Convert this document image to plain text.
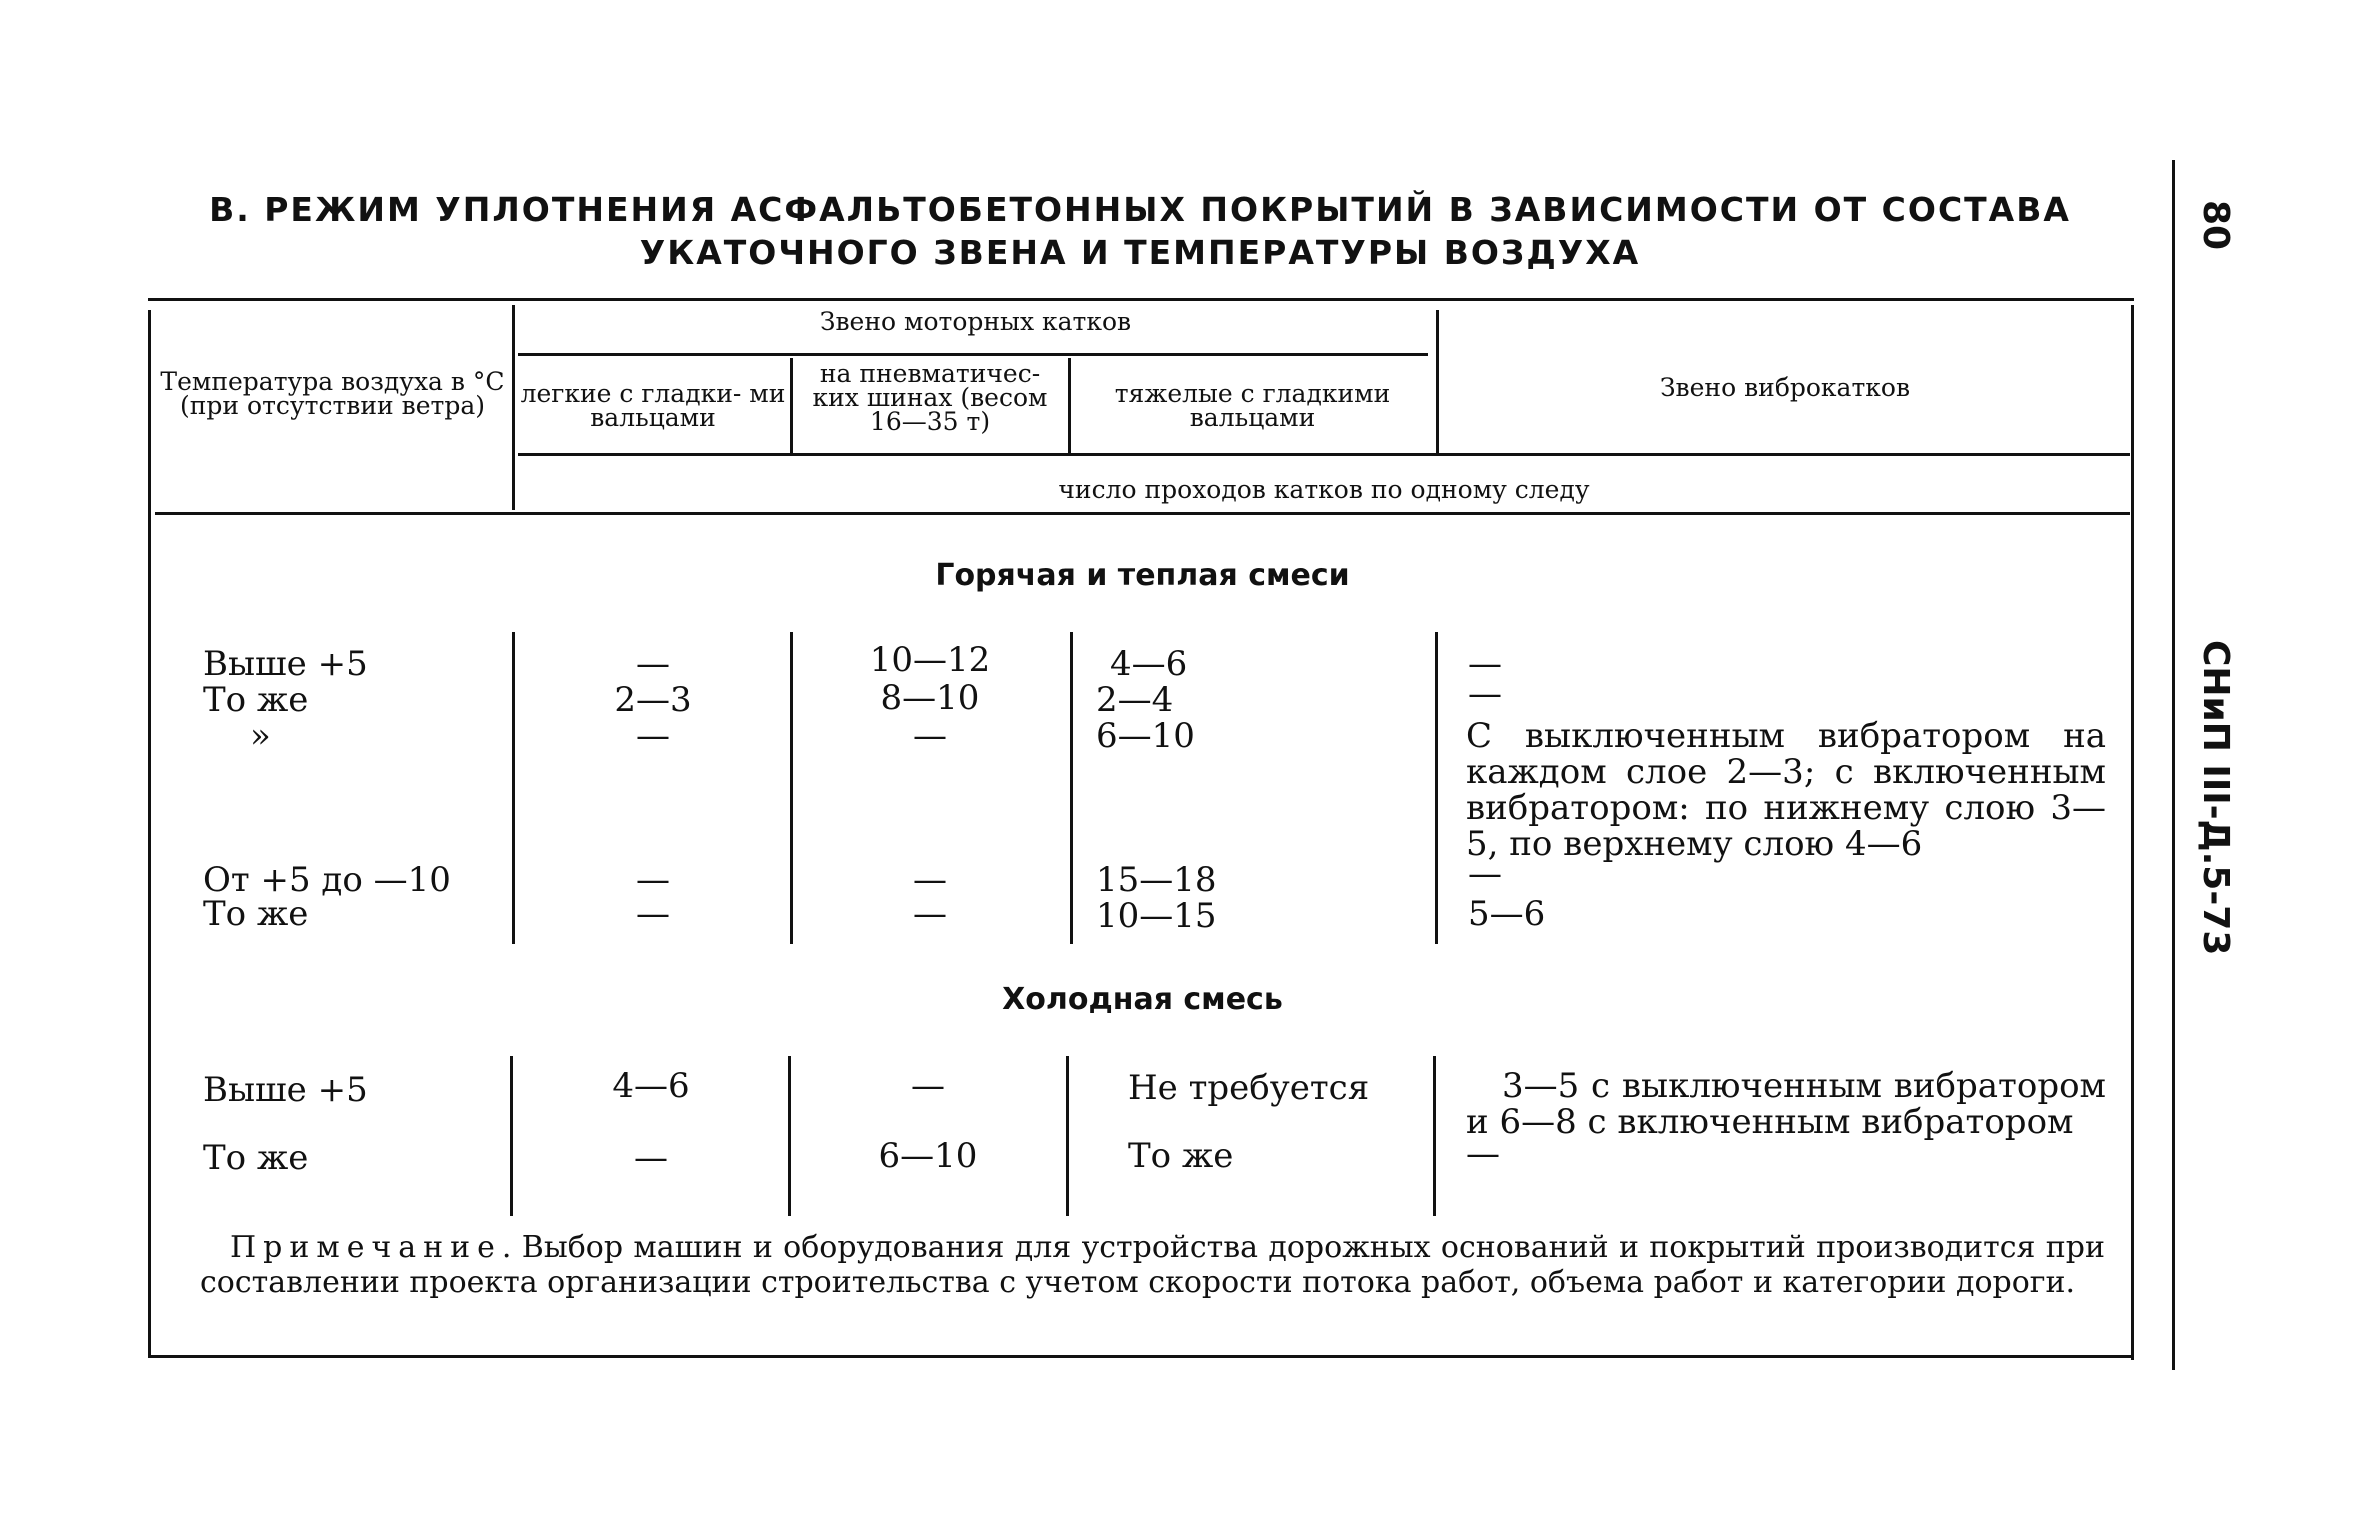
В. РЕЖИМ УПЛОТНЕНИЯ АСФАЛЬТОБЕТОННЫХ ПОКРЫТИЙ В ЗАВИСИМОСТИ ОТ СОСТАВА
УКАТОЧНОГО ЗВЕНА И ТЕМПЕРАТУРЫ ВОЗДУХА
80
СНиП III-Д.5-73
Температура воздуха в °С (при отсутствии ветра)
Звено моторных катков
легкие с гладки- ми вальцами
на пневматичес- ких шинах (весом 16—35 т)
тяжелые с гладкими вальцами
Звено виброкатков
число проходов катков по одному следу
Горячая и теплая смеси
Выше +5	—	10—12	4—6	—
То же	2—3	8—10	2—4	—
»	—	—	6—10	С выключенным вибратором на каждом слое 2—3; с включенным вибратором: по нижнему слою 3—5, по верхнему слою 4—6
От +5 до —10	—	—	15—18	—
То же	—	—	10—15	5—6
Холодная смесь
Выше +5	4—6	—	Не требуется	3—5 с выключенным вибратором и 6—8 с включенным вибратором
То же	—	6—10	То же	—
Примечание. Выбор машин и оборудования для устройства дорожных оснований и покрытий производится при составлении проекта организации строительства с учетом скорости потока работ, объема работ и категории дороги.
